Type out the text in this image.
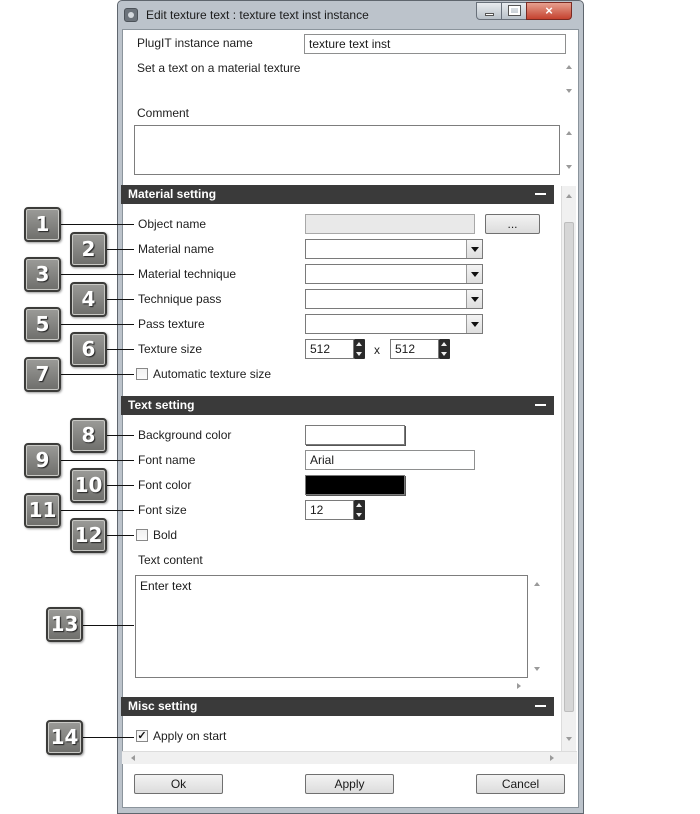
Edit texture text : texture text inst instance	×
PlugIT instance name	texture text inst
Set a text on a material texture
Comment
Material setting
Object name	...
Material name
Material technique
Technique pass
Pass texture
Texture size	512	x	512
Automatic texture size
Text setting
Background color
Font name	Arial
Font color
Font size	12
Bold
Text content
Enter text
Misc setting
✓ Apply on start
Ok	Apply	Cancel
1
2
3
4
5
6
7
8
9
10
11
12
13
14
